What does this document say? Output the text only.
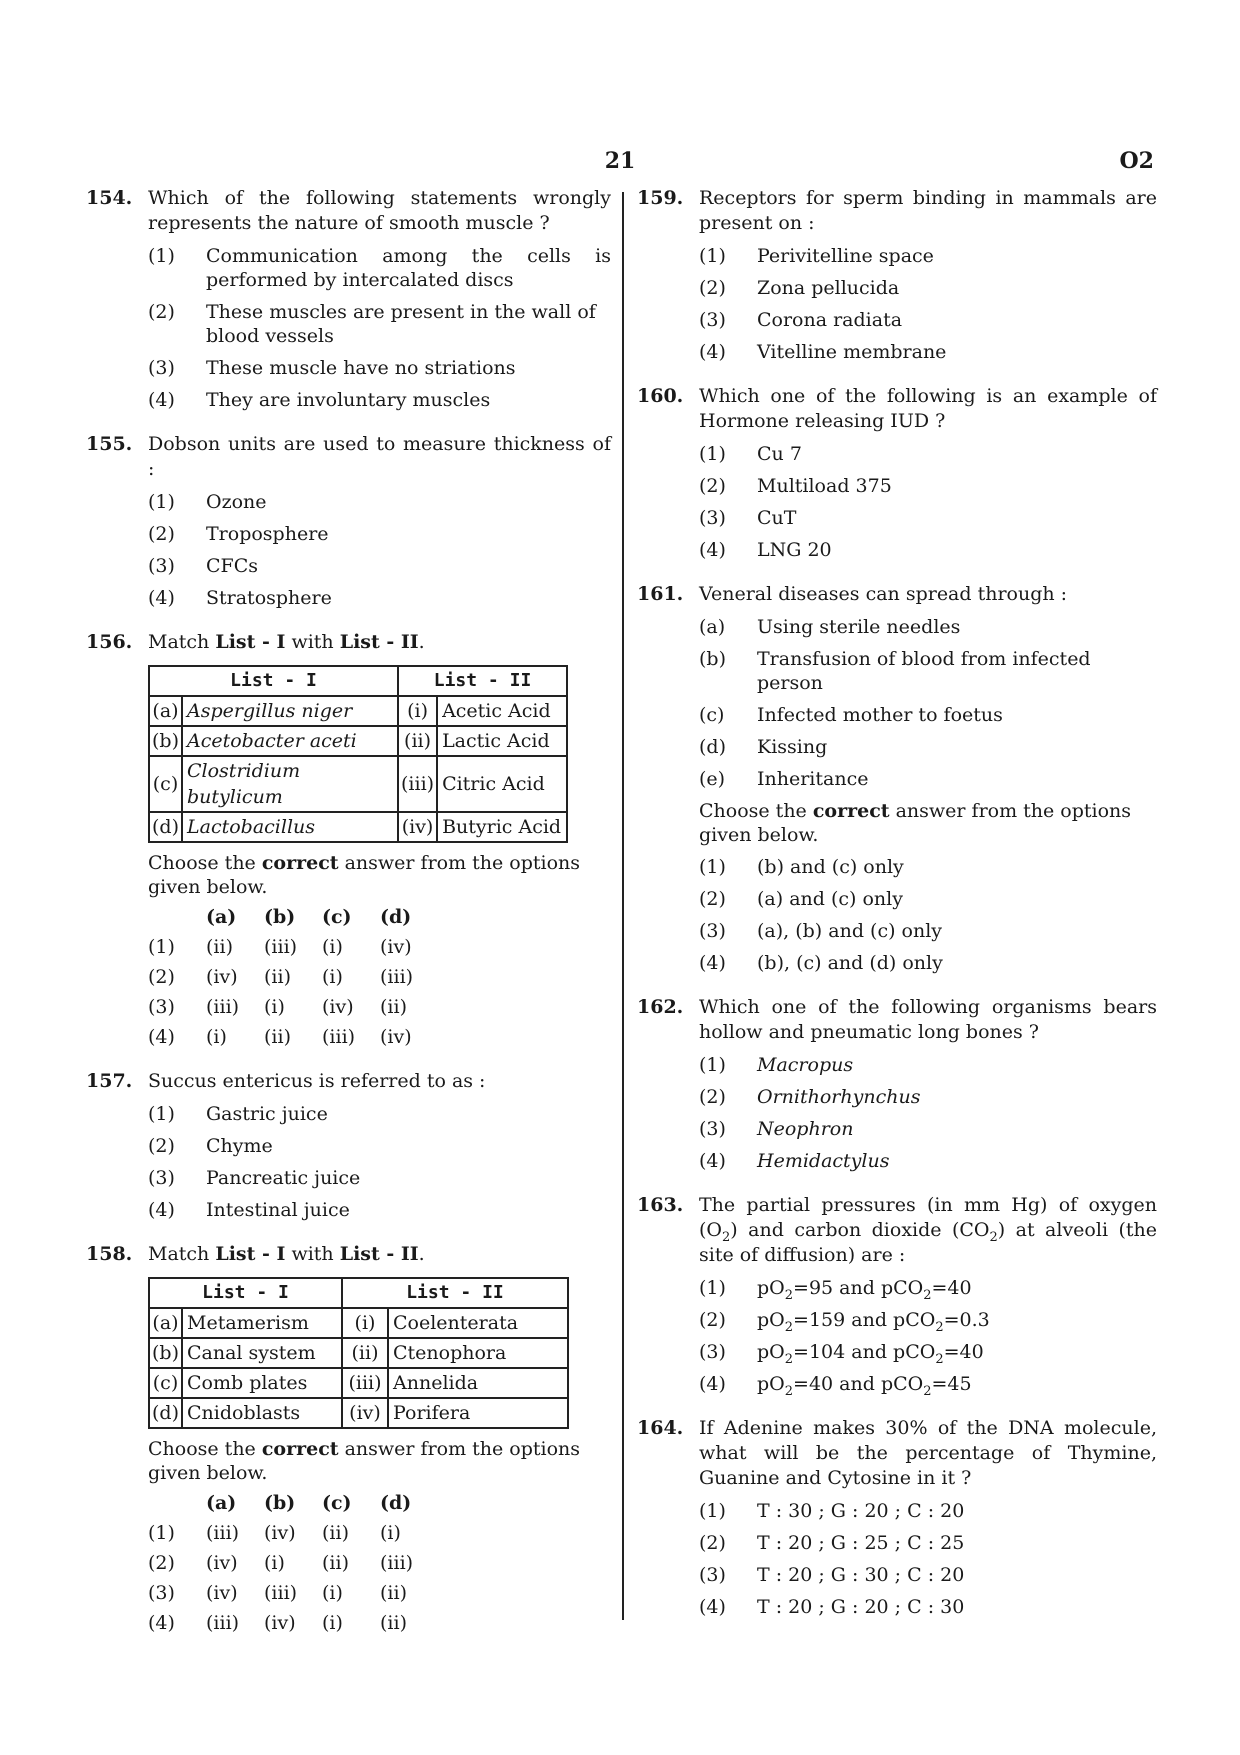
21	O2
154. Which of the following statements wrongly represents the nature of smooth muscle ?
(1)	Communication among the cells is performed by intercalated discs
(2)	These muscles are present in the wall of blood vessels
(3)	These muscle have no striations
(4)	They are involuntary muscles
155. Dobson units are used to measure thickness of :
(1)	Ozone
(2)	Troposphere
(3)	CFCs
(4)	Stratosphere
156. Match List - I with List - II.
List - I		List - II	
(a)	Aspergillus niger	(i)	Acetic Acid
(b)	Acetobacter aceti	(ii)	Lactic Acid
(c)	Clostridium butylicum	(iii)	Citric Acid
(d)	Lactobacillus	(iv)	Butyric Acid
Choose the correct answer from the options given below.
(a)	(b)	(c)	(d)
(1)	(ii)	(iii)	(i)	(iv)
(2)	(iv)	(ii)	(i)	(iii)
(3)	(iii)	(i)	(iv)	(ii)
(4)	(i)	(ii)	(iii)	(iv)
157. Succus entericus is referred to as :
(1)	Gastric juice
(2)	Chyme
(3)	Pancreatic juice
(4)	Intestinal juice
158. Match List - I with List - II.
List - I		List - II	
(a)	Metamerism	(i)	Coelenterata
(b)	Canal system	(ii)	Ctenophora
(c)	Comb plates	(iii)	Annelida
(d)	Cnidoblasts	(iv)	Porifera
Choose the correct answer from the options given below.
(a)	(b)	(c)	(d)
(1)	(iii)	(iv)	(ii)	(i)
(2)	(iv)	(i)	(ii)	(iii)
(3)	(iv)	(iii)	(i)	(ii)
(4)	(iii)	(iv)	(i)	(ii)
159. Receptors for sperm binding in mammals are present on :
(1)	Perivitelline space
(2)	Zona pellucida
(3)	Corona radiata
(4)	Vitelline membrane
160. Which one of the following is an example of Hormone releasing IUD ?
(1)	Cu 7
(2)	Multiload 375
(3)	CuT
(4)	LNG 20
161. Veneral diseases can spread through :
(a)	Using sterile needles
(b)	Transfusion of blood from infected person
(c)	Infected mother to foetus
(d)	Kissing
(e)	Inheritance
Choose the correct answer from the options given below.
(1)	(b) and (c) only
(2)	(a) and (c) only
(3)	(a), (b) and (c) only
(4)	(b), (c) and (d) only
162. Which one of the following organisms bears hollow and pneumatic long bones ?
(1)	Macropus
(2)	Ornithorhynchus
(3)	Neophron
(4)	Hemidactylus
163. The partial pressures (in mm Hg) of oxygen $(O_2)$ and carbon dioxide $(CO_2)$ at alveoli (the site of diffusion) are :
(1)	$pO_2=95$ and pCO$_2$=40
(2)	$pO_2=159$ and pCO$_2$=0.3
(3)	$pO_2=104$ and pCO$_2$=40
(4)	$pO_2=40$ and pCO$_2$=45
164. If Adenine makes 30% of the DNA molecule, what will be the percentage of Thymine, Guanine and Cytosine in it ?
(1)	T : 30 ; G : 20 ; C : 20
(2)	T : 20 ; G : 25 ; C : 25
(3)	T : 20 ; G : 30 ; C : 20
(4)	T : 20 ; G : 20 ; C : 30
